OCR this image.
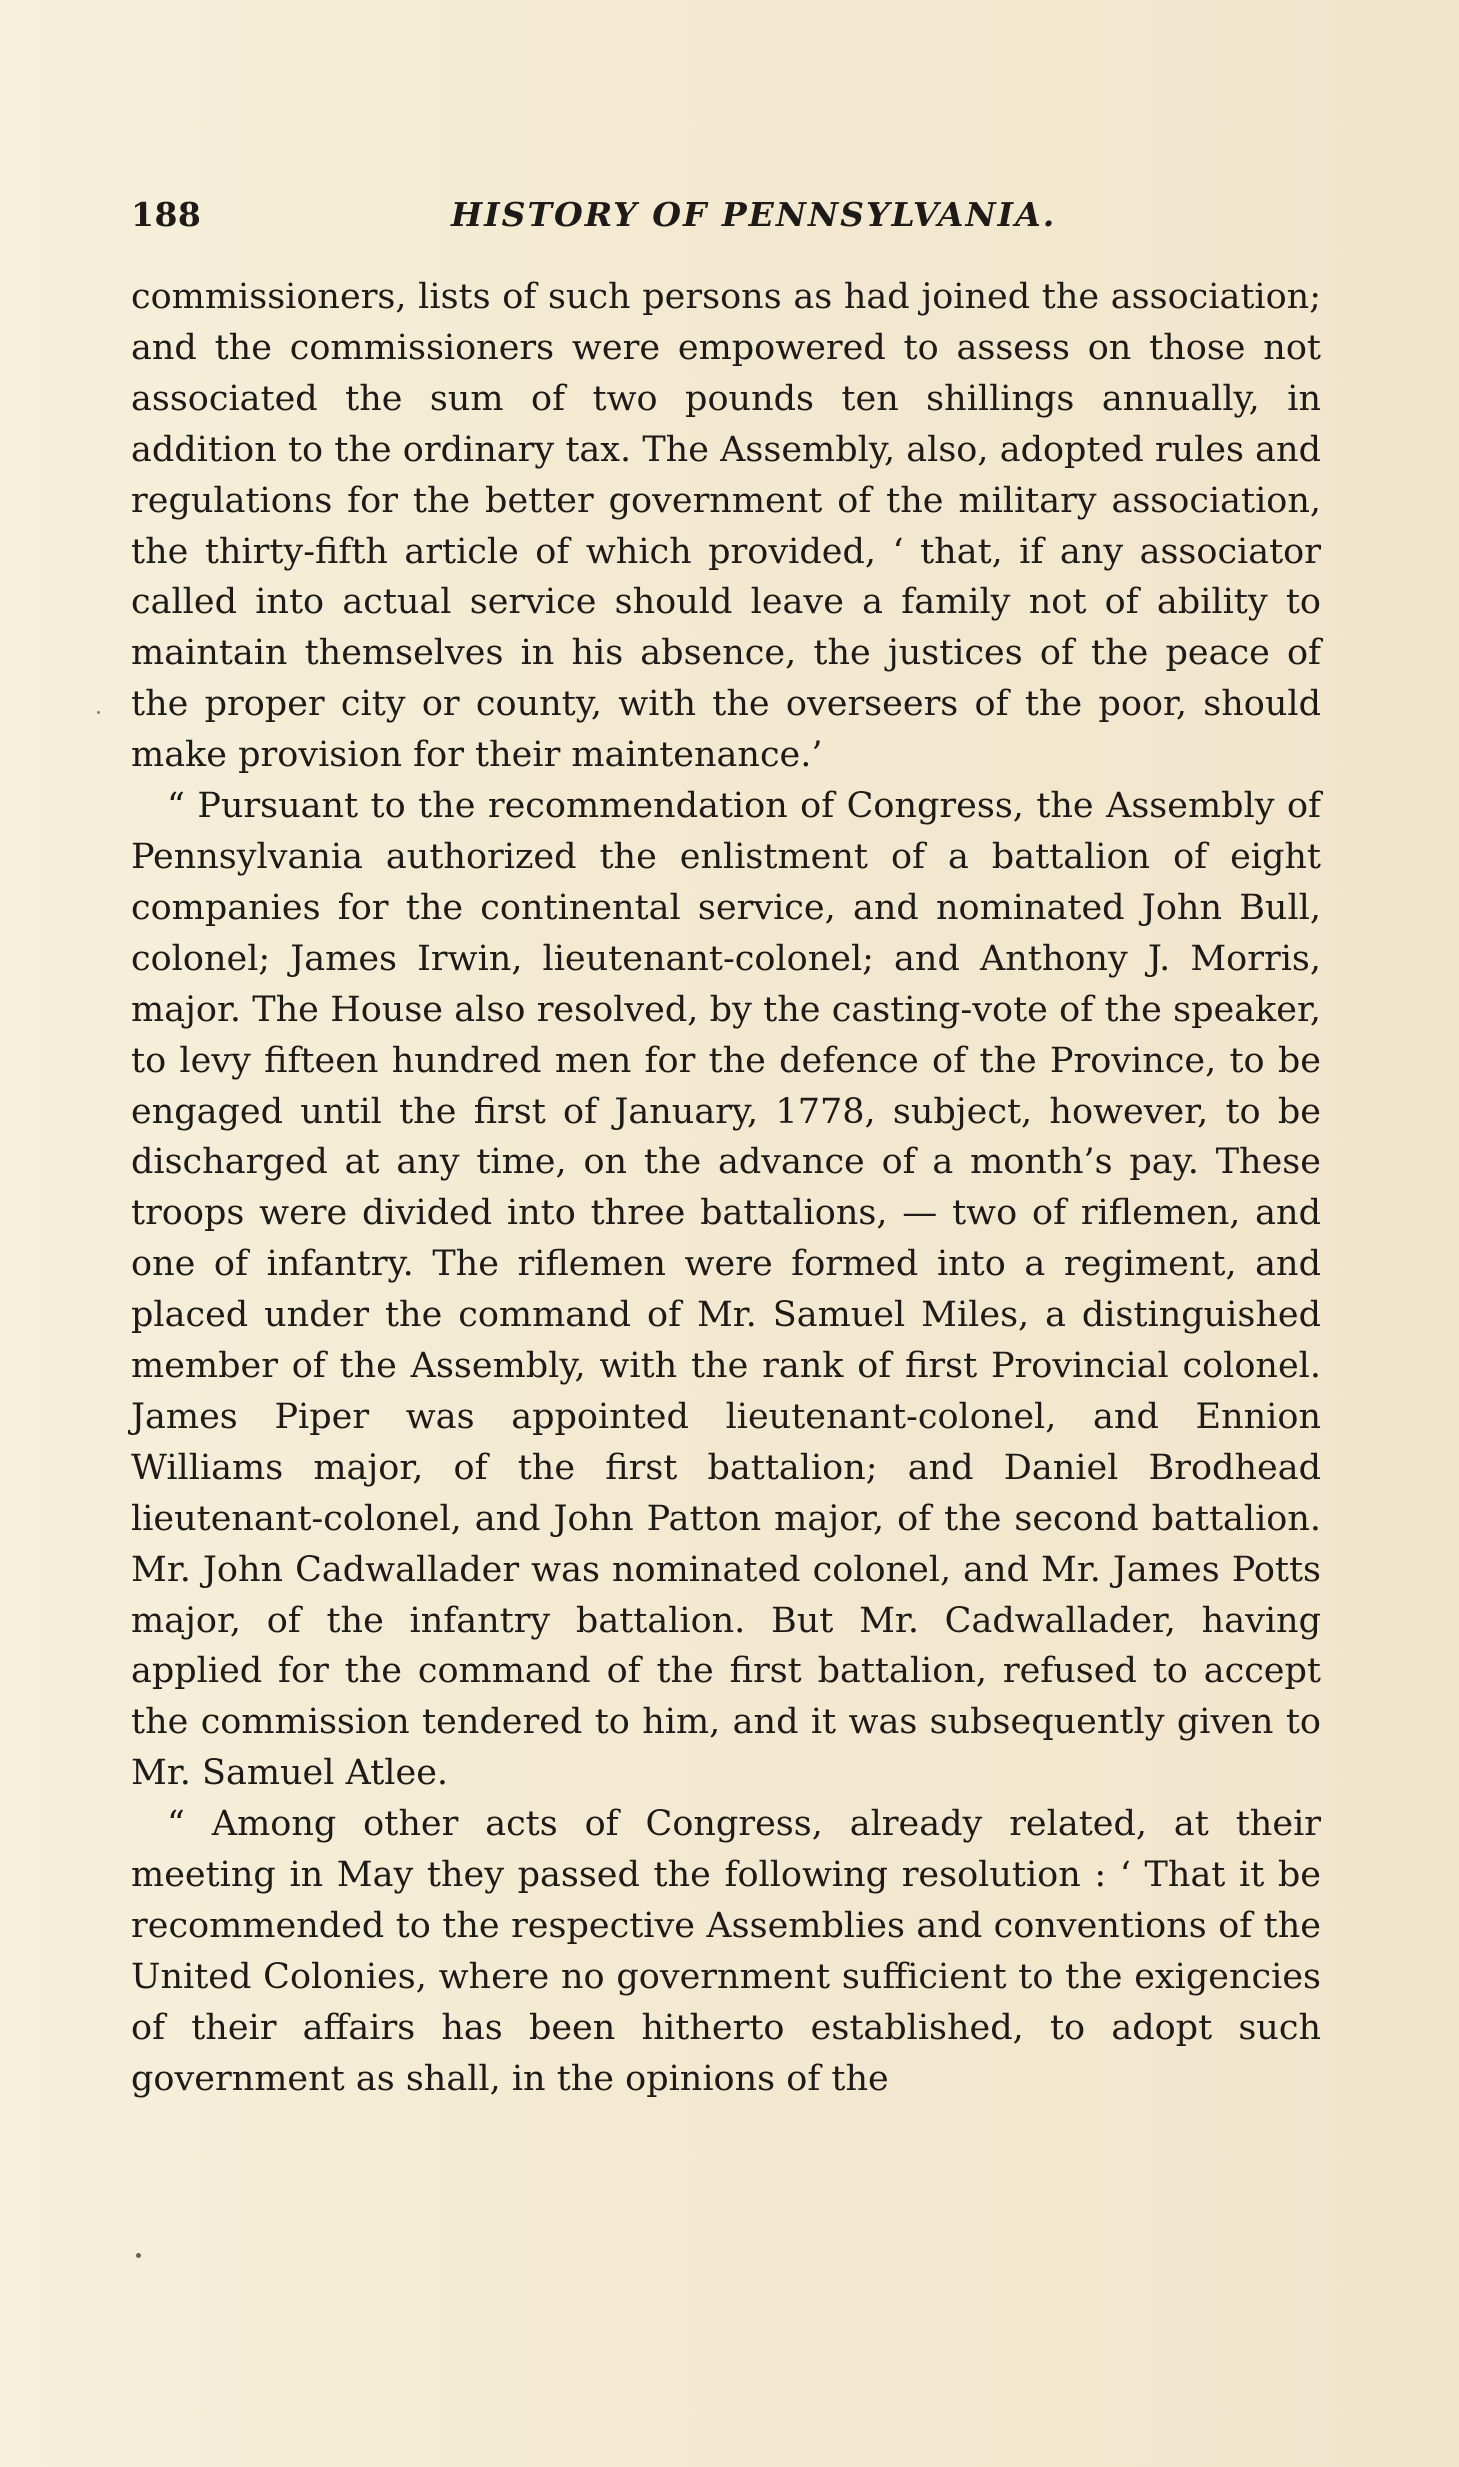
188	HISTORY OF PENNSYLVANIA.

commissioners, lists of such persons as had joined the association; and the commissioners were empowered to assess on those not associated the sum of two pounds ten shillings annually, in addition to the ordinary tax. The Assembly, also, adopted rules and regulations for the better government of the military association, the thirty-fifth article of which provided, ‘ that, if any associator called into actual service should leave a family not of ability to maintain themselves in his absence, the justices of the peace of the proper city or county, with the overseers of the poor, should make provision for their maintenance.’

“ Pursuant to the recommendation of Congress, the Assembly of Pennsylvania authorized the enlistment of a battalion of eight companies for the continental service, and nominated John Bull, colonel; James Irwin, lieutenant-colonel; and Anthony J. Morris, major. The House also resolved, by the casting-vote of the speaker, to levy fifteen hundred men for the defence of the Province, to be engaged until the first of January, 1778, subject, however, to be discharged at any time, on the advance of a month’s pay. These troops were divided into three battalions, — two of riflemen, and one of infantry. The riflemen were formed into a regiment, and placed under the command of Mr. Samuel Miles, a distinguished member of the Assembly, with the rank of first Provincial colonel. James Piper was appointed lieutenant-colonel, and Ennion Williams major, of the first battalion; and Daniel Brodhead lieutenant-colonel, and John Patton major, of the second battalion. Mr. John Cadwallader was nominated colonel, and Mr. James Potts major, of the infantry battalion. But Mr. Cadwallader, having applied for the command of the first battalion, refused to accept the commission tendered to him, and it was subsequently given to Mr. Samuel Atlee.

“ Among other acts of Congress, already related, at their meeting in May they passed the following resolution : ‘ That it be recommended to the respective Assemblies and conventions of the United Colonies, where no government sufficient to the exigencies of their affairs has been hitherto established, to adopt such government as shall, in the opinions of the
